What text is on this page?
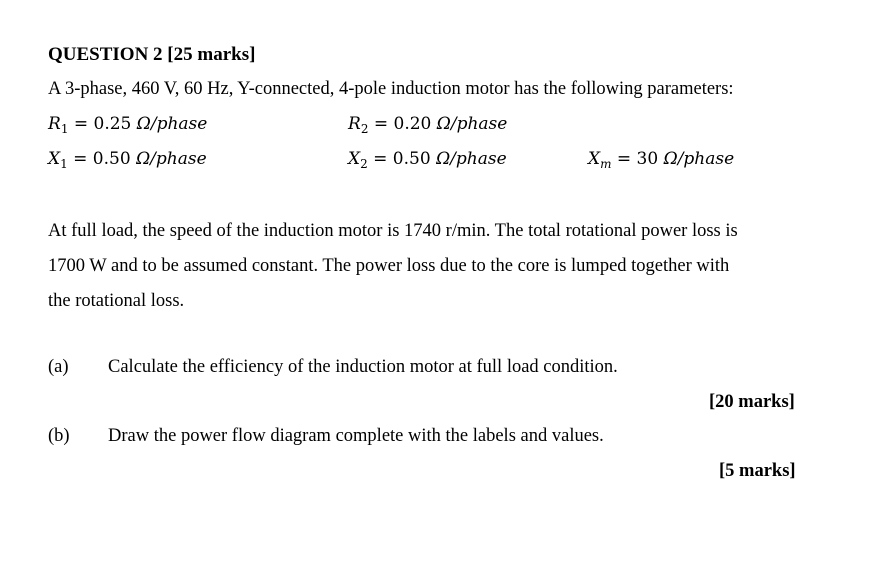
QUESTION 2 [25 marks]
A 3-phase, 460 V, 60 Hz, Y-connected, 4-pole induction motor has the following parameters:
$R_1 = 0.25$ Ω/phase	$R_2 = 0.20$ Ω/phase
$X_1 = 0.50$ Ω/phase	$X_2 = 0.50$ Ω/phase	$X_m = 30$ Ω/phase
At full load, the speed of the induction motor is 1740 r/min. The total rotational power loss is
1700 W and to be assumed constant. The power loss due to the core is lumped together with
the rotational loss.
(a) Calculate the efficiency of the induction motor at full load condition.
[20 marks]
(b) Draw the power flow diagram complete with the labels and values.
[5 marks]
